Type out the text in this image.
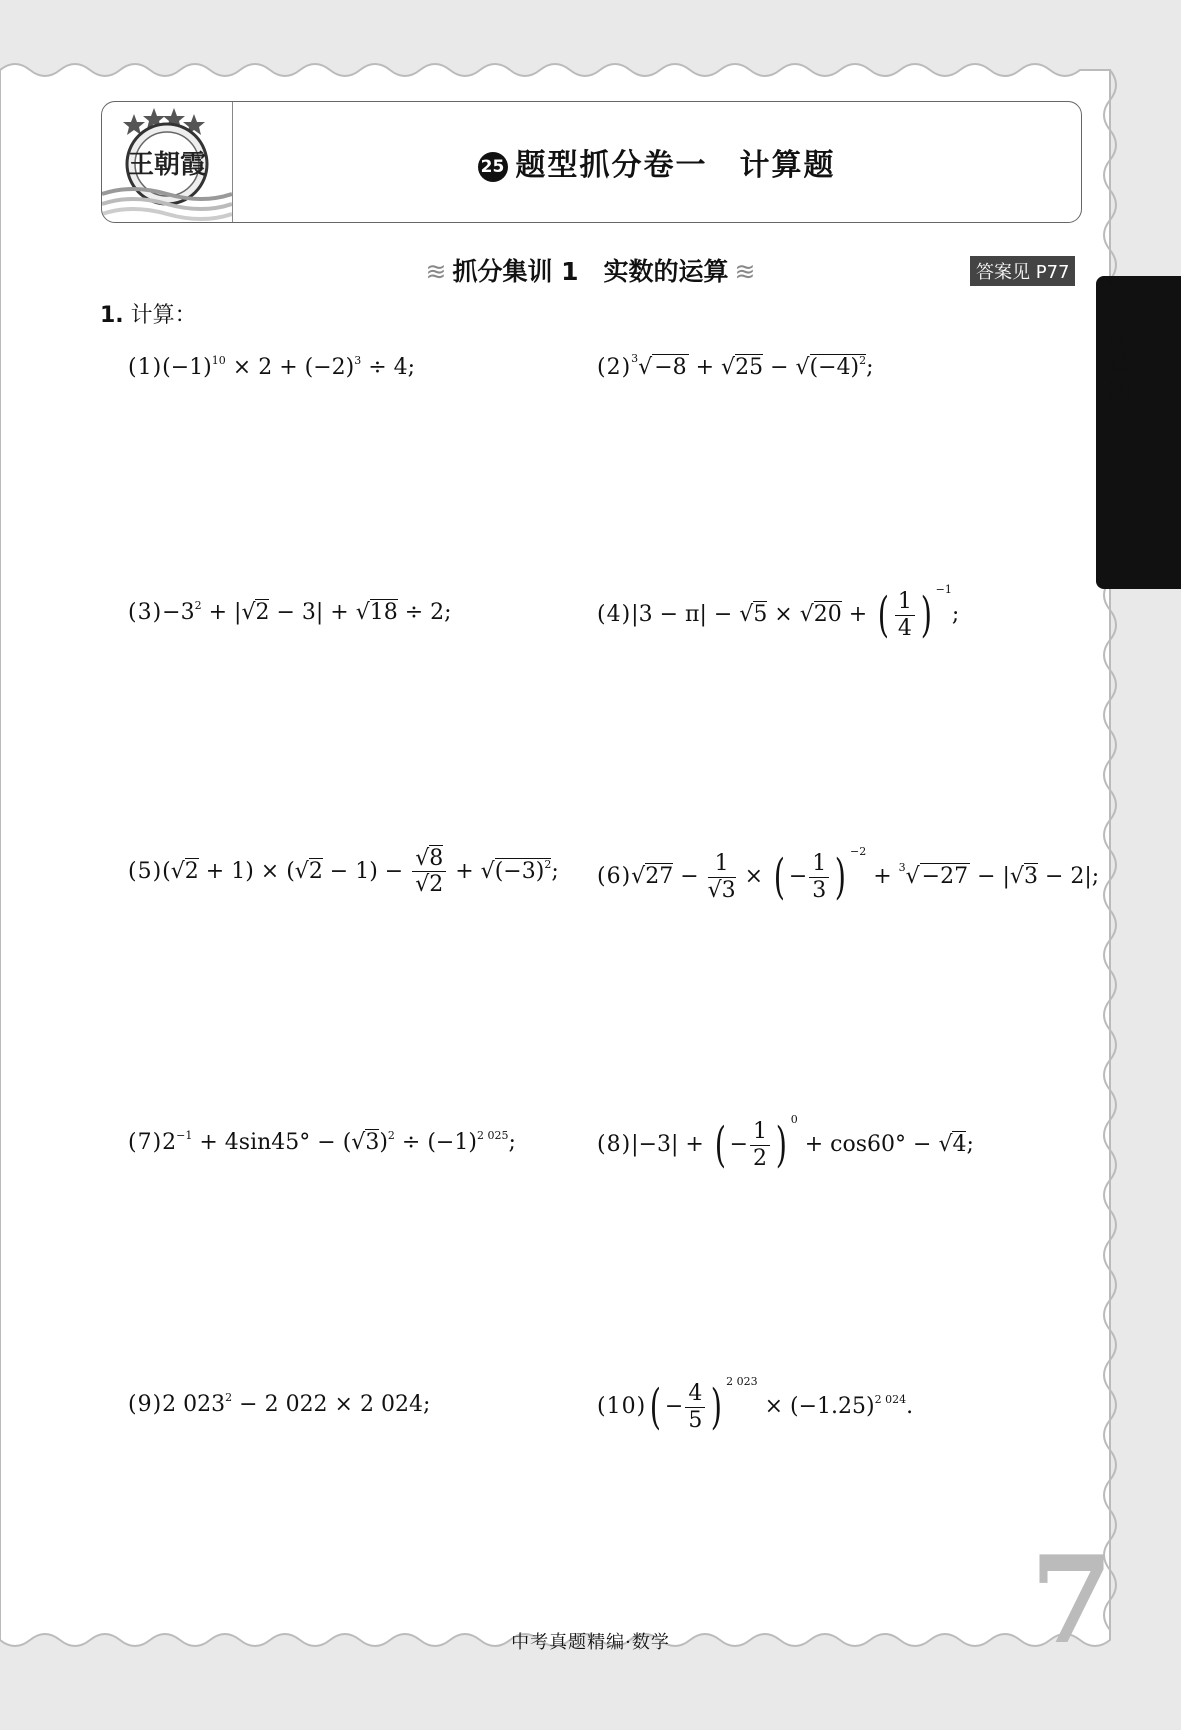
25
计算题
王朝霞	25 题型抓分卷一　计算题
≋ 抓分集训 1　实数的运算 ≋	答案见 P77
1. 计算：
$(1)(-1)^{10} \times 2 + (-2)^3 \div 4$;	$(2)^3√-8 + √25 - √(-4)^2$;
$(3)-3^2 + |√2 - 3| + √18 \div 2$;	(4)|3 − π| − √5 × √20 + ( $\frac{1}{4}$ ) $^{-1}$;
$(5)(√2 + 1) \times (√2 - 1) - \frac{√8}{√2} + √(-3)^2$; $(6)√27 - \frac{1}{√3}$ × ( − $\frac{1}{3}$ ) $^{-2}$ + $^3$√−27 − |√3 − 2|;
$(7)2^{-1} + 4\sin 45^\circ - (√3)^2 \div (-1)^{2 025}$;	(8)|−3| + ( − $\frac{1}{2}$ ) $^0$ + cos60° − √4;
(9)2 $023^2 - 2$ 022 × 2 024;	$(10)( - \frac{4}{5}$ ) $^{2 023} \times (-1.25)^{2 024}$.
7
中考真题精编·数学
